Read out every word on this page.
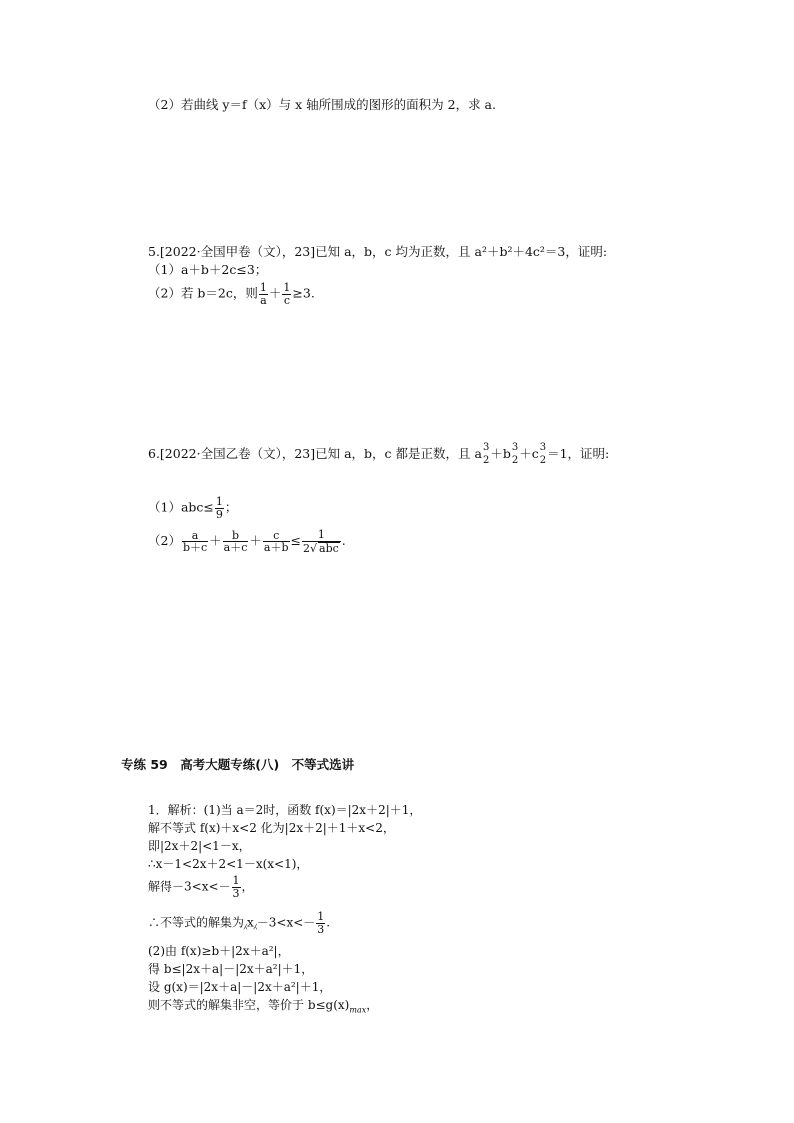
（2）若曲线 y＝f（x）与 x 轴所围成的图形的面积为 2，求 a.
5.[2022·全国甲卷（文），23]已知 a，b，c 均为正数，且 a²＋b²＋4c²＝3，证明:
（1）a＋b＋2c≤3；
（2）若 b＝2c，则 $\frac{1}{a} + \frac{1}{c} \ge 3$.
6.[2022·全国乙卷（文），23]已知 a，b，c 都是正数，且 a 3
2 ＋b 3
2 ＋c 3
2 ＝1，证明:
$(1)abc\le \frac{1}{9}$ ；
$(2) \frac{a}{b+c} + \frac{b}{a+c} + \frac{c}{a+b} \le \frac{1}{\text{2√ abc}}$ .
专练 59　高考大题专练(八)　不等式选讲
1．解析：(1)当 a＝2时，函数 f(x)＝|2x＋2|＋1，
解不等式 f(x)＋x<2 化为|2x＋2|＋1＋x<2，
即|2x＋2|<1－x，
∴x－1<2x＋2<1－x(x<1)，
解得$-3<x<- \frac{1}{3}$ ，
∴不等式的解集为⁁x⁁－3<x<－ $\frac{1}{3}$ .
(2)由 f(x)≥b＋|2x＋a²|，
得 b≤|2x＋a|－|2x＋a²|＋1，
设 g(x)＝|2x＋a|－|2x＋a²|＋1，
则不等式的解集非空，等价于 $b\le g(x)_{max}$，
